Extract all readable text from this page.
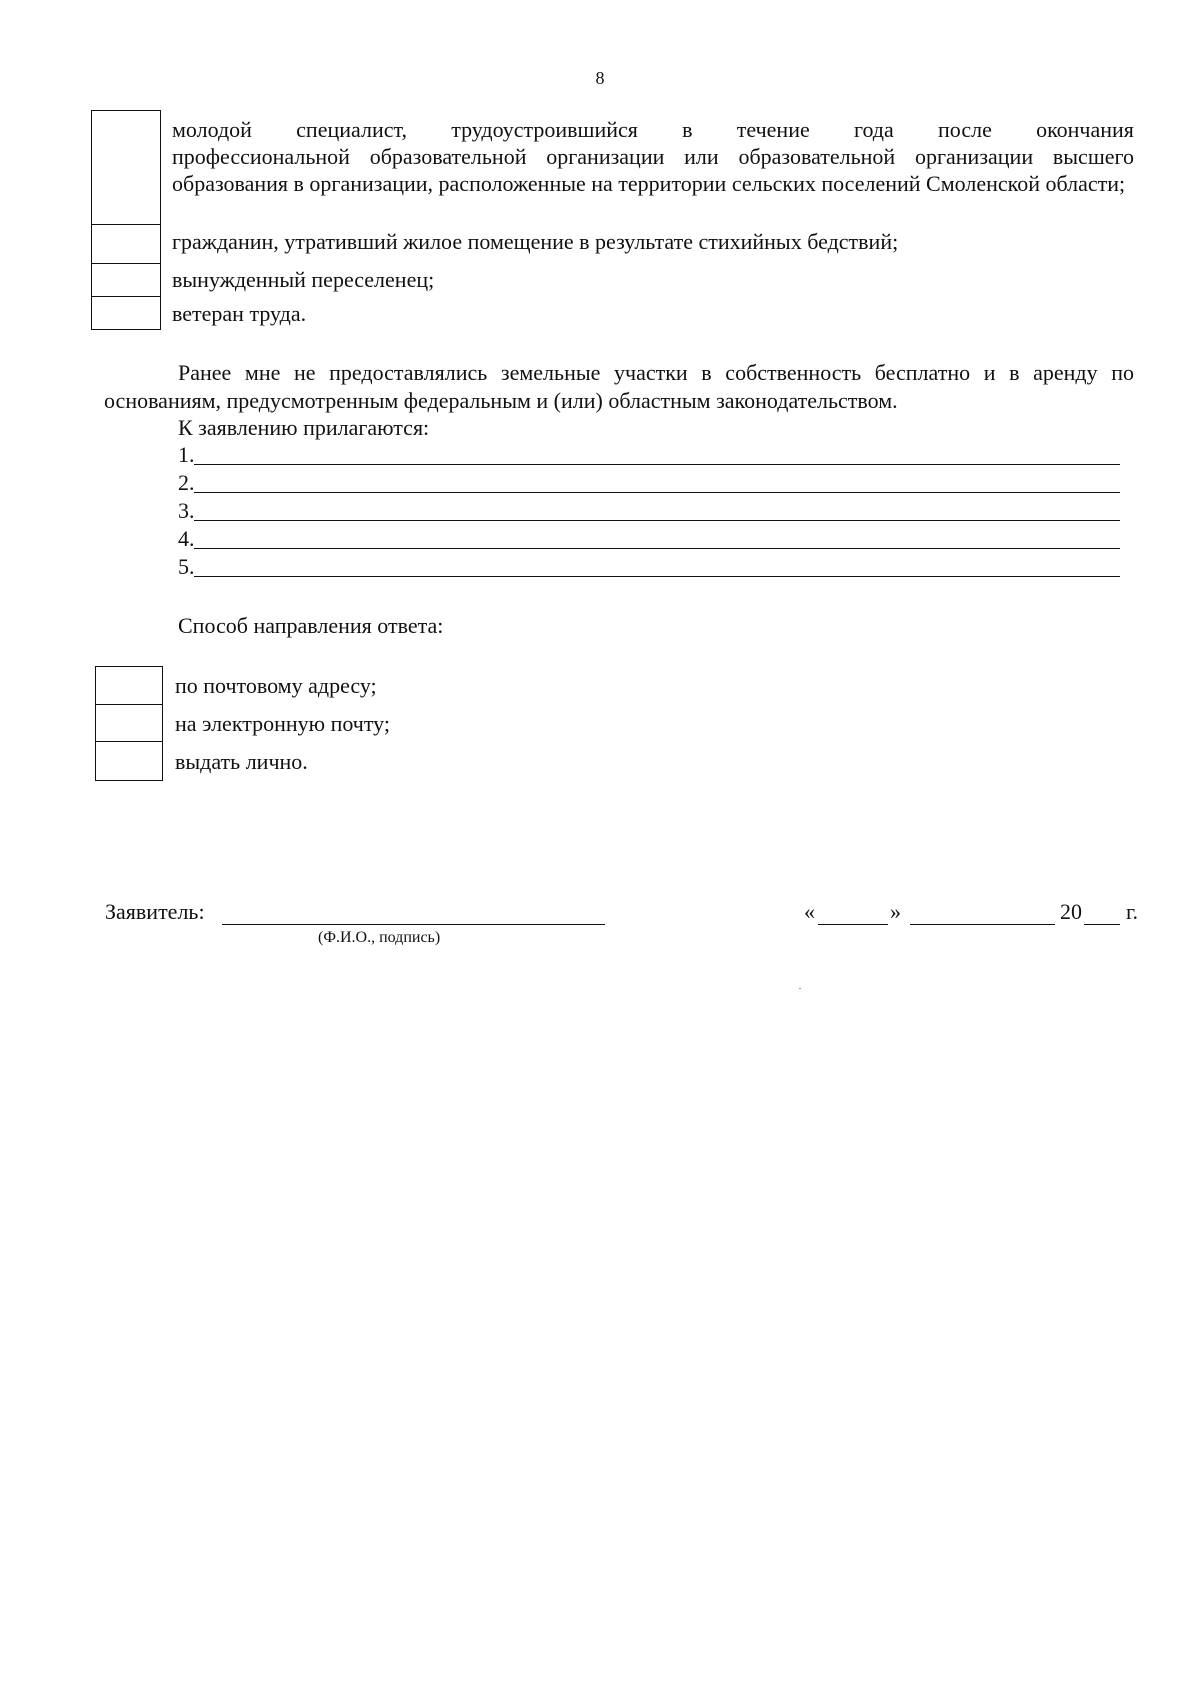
8
молодой специалист, трудоустроившийся в течение года после окончания
профессиональной образовательной организации или образовательной организации высшего образования в организации, расположенные на территории сельских поселений Смоленской области;
гражданин, утративший жилое помещение в результате стихийных бедствий;
вынужденный переселенец;
ветеран труда.
Ранее мне не предоставлялись земельные участки в собственность бесплатно и в аренду по
основаниям, предусмотренным федеральным и (или) областным законодательством.
К заявлению прилагаются:
1.
2.
3.
4.
5.
Способ направления ответа:
по почтовому адресу;
на электронную почту;
выдать лично.
Заявитель:
(Ф.И.О., подпись)
«	»	20 г.
